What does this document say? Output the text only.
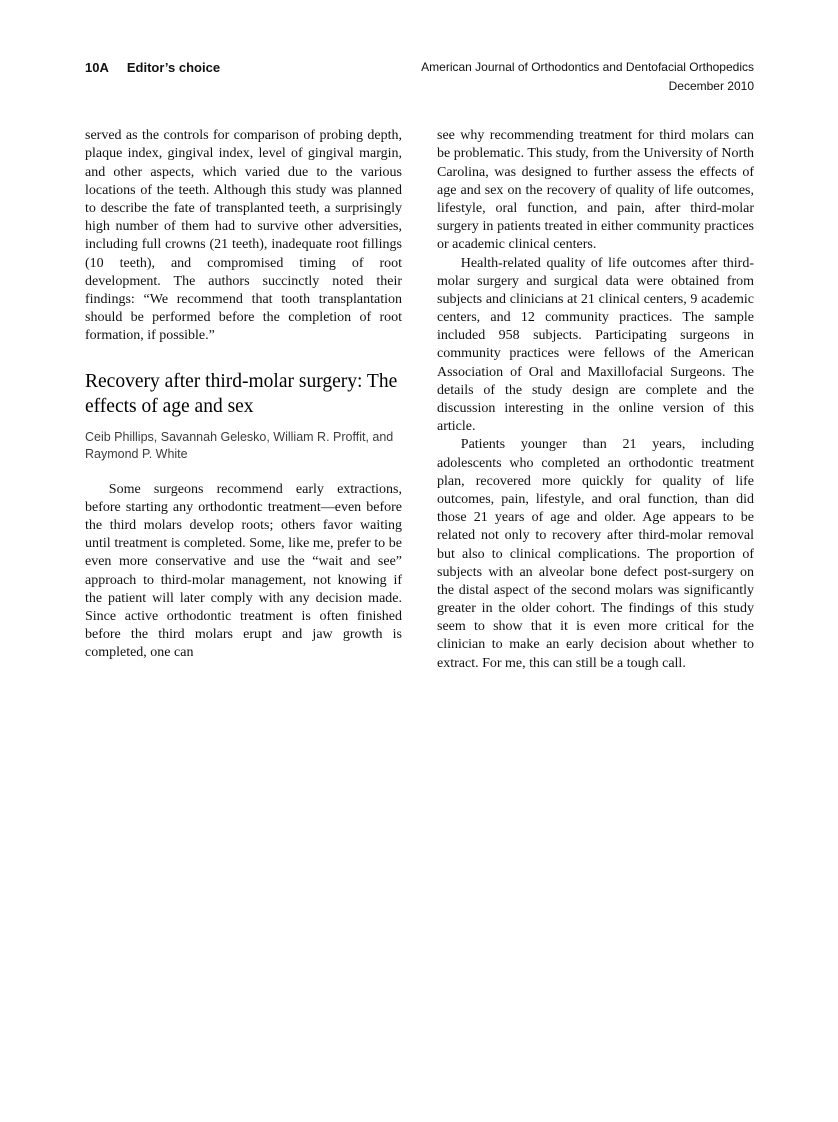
10A Editor’s choice	American Journal of Orthodontics and Dentofacial Orthopedics
December 2010

served as the controls for comparison of probing depth, plaque index, gingival index, level of gingival margin, and other aspects, which varied due to the various locations of the teeth. Although this study was planned to describe the fate of transplanted teeth, a surprisingly high number of them had to survive other adversities, including full crowns (21 teeth), inadequate root fillings (10 teeth), and compromised timing of root development. The authors succinctly noted their findings: “We recommend that tooth transplantation should be performed before the completion of root formation, if possible.”

Recovery after third-molar surgery: The effects of age and sex
Ceib Phillips, Savannah Gelesko, William R. Proffit, and Raymond P. White

Some surgeons recommend early extractions, before starting any orthodontic treatment—even before the third molars develop roots; others favor waiting until treatment is completed. Some, like me, prefer to be even more conservative and use the “wait and see” approach to third-molar management, not knowing if the patient will later comply with any decision made. Since active orthodontic treatment is often finished before the third molars erupt and jaw growth is completed, one can

see why recommending treatment for third molars can be problematic. This study, from the University of North Carolina, was designed to further assess the effects of age and sex on the recovery of quality of life outcomes, lifestyle, oral function, and pain, after third-molar surgery in patients treated in either community practices or academic clinical centers.

Health-related quality of life outcomes after third-molar surgery and surgical data were obtained from subjects and clinicians at 21 clinical centers, 9 academic centers, and 12 community practices. The sample included 958 subjects. Participating surgeons in community practices were fellows of the American Association of Oral and Maxillofacial Surgeons. The details of the study design are complete and the discussion interesting in the online version of this article.

Patients younger than 21 years, including adolescents who completed an orthodontic treatment plan, recovered more quickly for quality of life outcomes, pain, lifestyle, and oral function, than did those 21 years of age and older. Age appears to be related not only to recovery after third-molar removal but also to clinical complications. The proportion of subjects with an alveolar bone defect post-surgery on the distal aspect of the second molars was significantly greater in the older cohort. The findings of this study seem to show that it is even more critical for the clinician to make an early decision about whether to extract. For me, this can still be a tough call.
